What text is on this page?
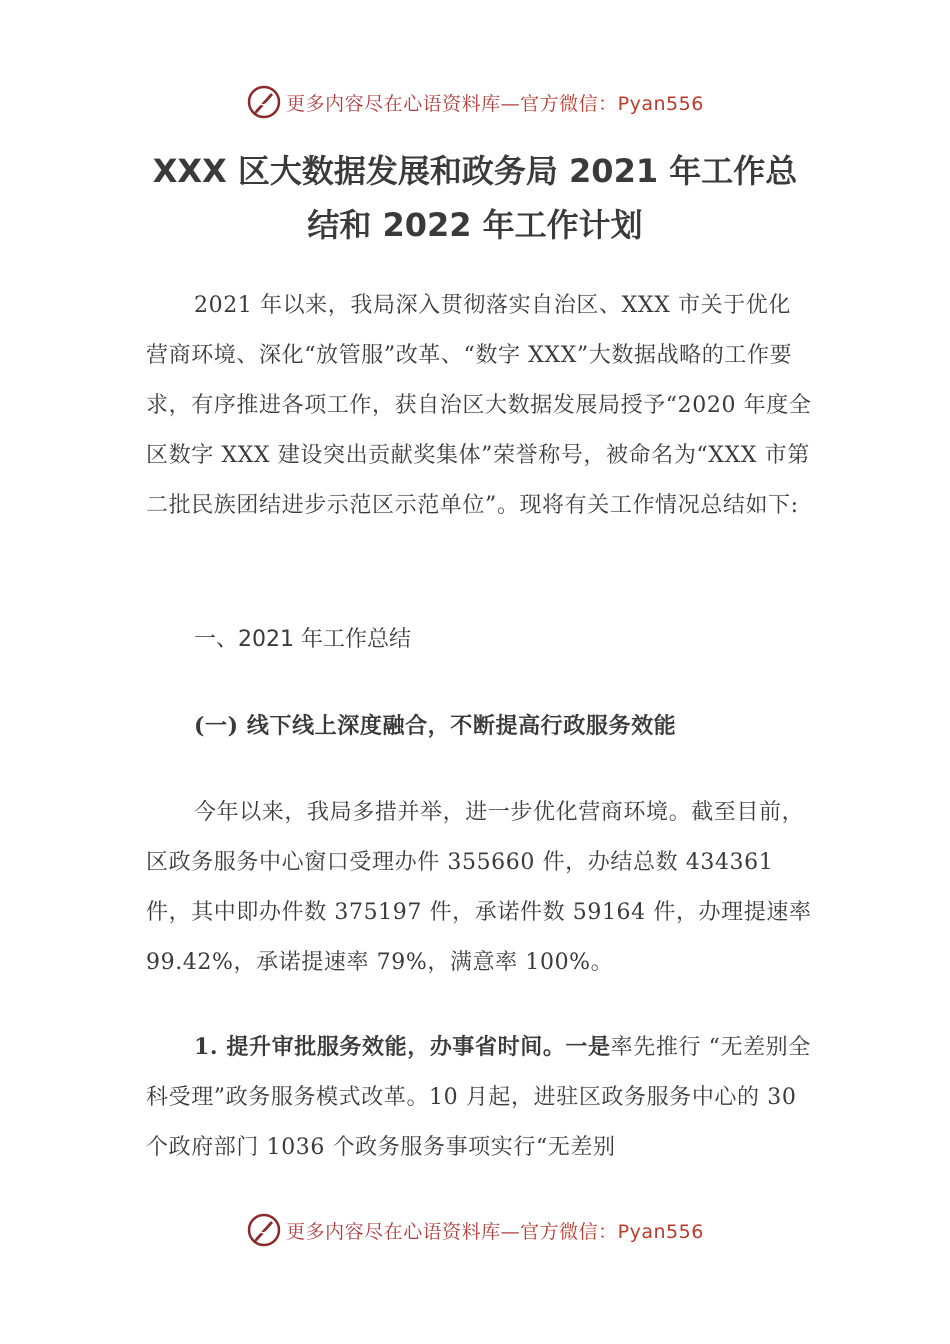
更多内容尽在心语资料库— 官方微信：Pyan556
XXX 区大数据发展和政务局 2021 年工作总
结和 2022 年工作计划

2021 年以来，我局深入贯彻落实自治区、XXX 市关于优化营商环境、深化“放管服”改革、“数字 XXX”大数据战略的工作要求，有序推进各项工作，获自治区大数据发展局授予“2020 年度全区数字 XXX 建设突出贡献奖集体”荣誉称号，被命名为“XXX 市第二批民族团结进步示范区示范单位”。现将有关工作情况总结如下:

一、2021 年工作总结
(一) 线下线上深度融合，不断提高行政服务效能

今年以来，我局多措并举，进一步优化营商环境。截至目前，区政务服务中心窗口受理办件 355660 件，办结总数 434361 件，其中即办件数 375197 件，承诺件数 59164 件，办理提速率 99.42%，承诺提速率 79%，满意率 100%。

1. 提升审批服务效能，办事省时间。一是率先推行 “无差别全科受理”政务服务模式改革。10 月起，进驻区政务服务中心的 30 个政府部门 1036 个政务服务事项实行“无差别

更多内容尽在心语资料库— 官方微信：Pyan556
